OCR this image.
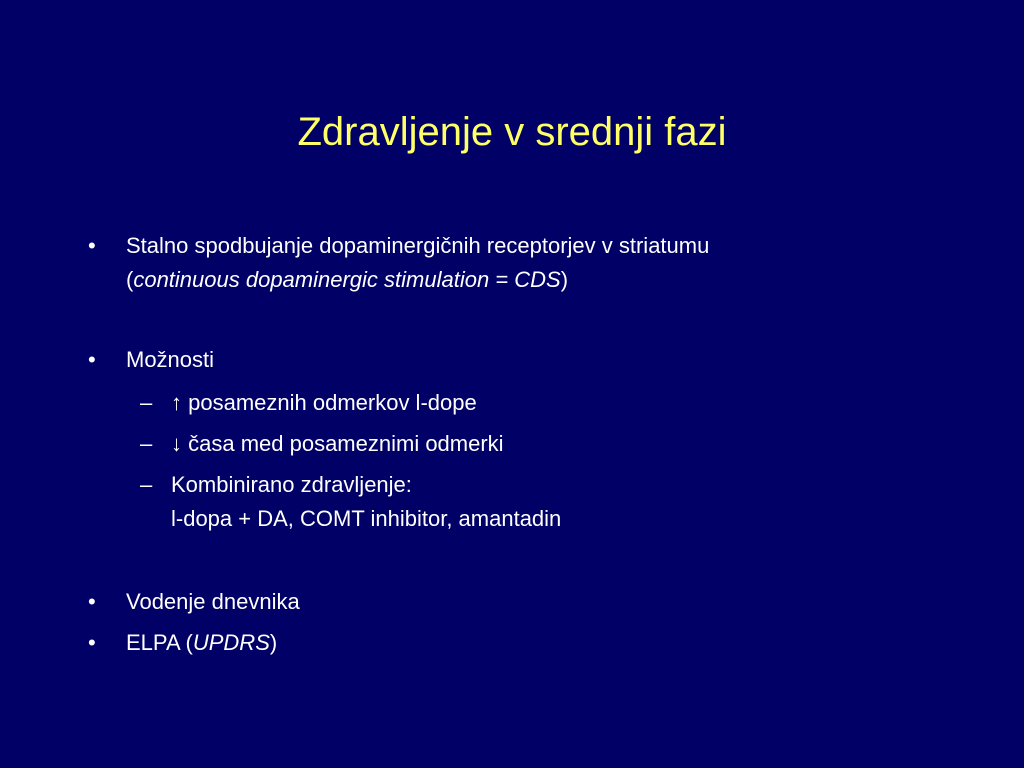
Zdravljenje v srednji fazi
• Stalno spodbujanje dopaminergičnih receptorjev v striatumu
(continuous dopaminergic stimulation = CDS)
• Možnosti
– ↑ posameznih odmerkov l-dope
– ↓ časa med posameznimi odmerki
– Kombinirano zdravljenje:
l-dopa + DA, COMT inhibitor, amantadin
• Vodenje dnevnika
• ELPA (UPDRS)
